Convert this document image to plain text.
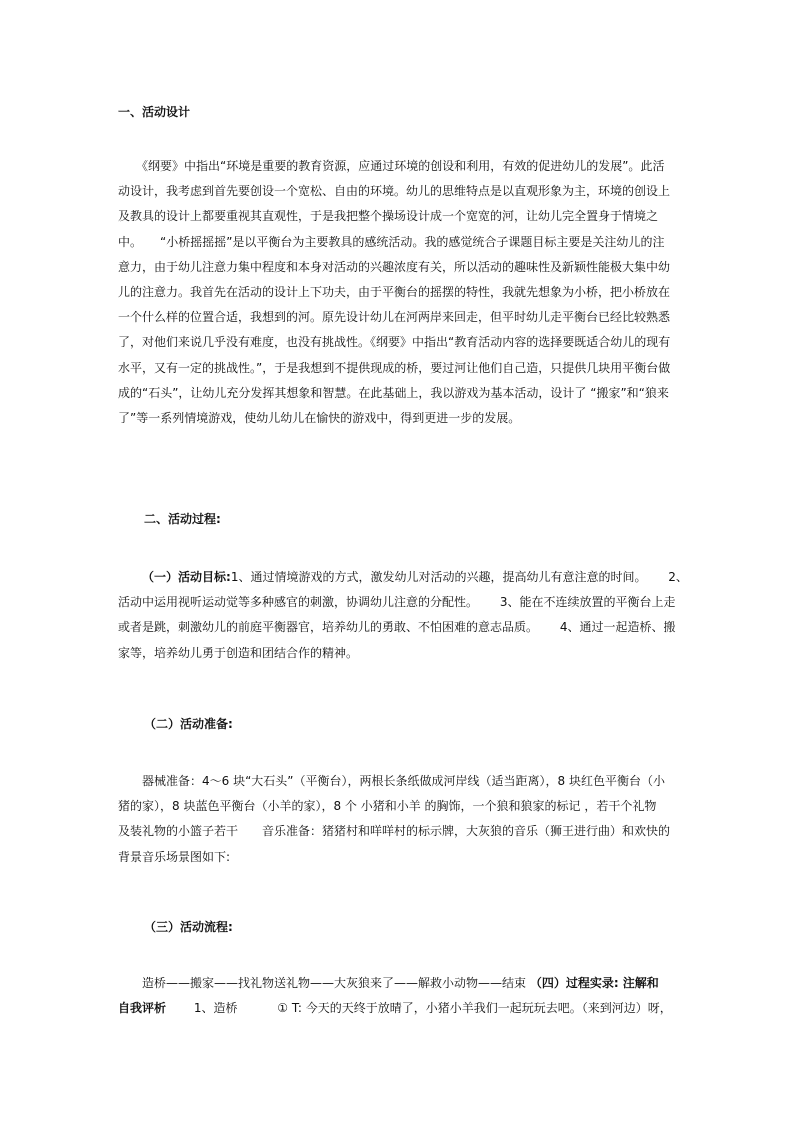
一、活动设计
　　《纲要》中指出“环境是重要的教育资源，应通过环境的创设和利用，有效的促进幼儿的发展”。此活
动设计，我考虑到首先要创设一个宽松、自由的环境。幼儿的思维特点是以直观形象为主，环境的创设上
及教具的设计上都要重视其直观性，于是我把整个操场设计成一个宽宽的河，让幼儿完全置身于情境之
中。　　“小桥摇摇摇”是以平衡台为主要教具的感统活动。我的感觉统合子课题目标主要是关注幼儿的注
意力，由于幼儿注意力集中程度和本身对活动的兴趣浓度有关，所以活动的趣味性及新颖性能极大集中幼
儿的注意力。我首先在活动的设计上下功夫，由于平衡台的摇摆的特性，我就先想象为小桥，把小桥放在
一个什么样的位置合适，我想到的河。原先设计幼儿在河两岸来回走，但平时幼儿走平衡台已经比较熟悉
了，对他们来说几乎没有难度，也没有挑战性。《纲要》中指出“教育活动内容的选择要既适合幼儿的现有
水平，又有一定的挑战性。”，于是我想到不提供现成的桥，要过河让他们自己造，只提供几块用平衡台做
成的“石头”，让幼儿充分发挥其想象和智慧。在此基础上，我以游戏为基本活动，设计了 “搬家”和“狼来
了”等一系列情境游戏，使幼儿幼儿在愉快的游戏中，得到更进一步的发展。
二、活动过程:
（一）活动目标:1、通过情境游戏的方式，激发幼儿对活动的兴趣，提高幼儿有意注意的时间。　　 2、
活动中运用视听运动觉等多种感官的刺激，协调幼儿注意的分配性。　　 3、能在不连续放置的平衡台上走
或者是跳，刺激幼儿的前庭平衡器官，培养幼儿的勇敢、不怕困难的意志品质。　　 4、通过一起造桥、搬
家等，培养幼儿勇于创造和团结合作的精神。
（二）活动准备:
　　器械准备：4～6 块“大石头”（平衡台），两根长条纸做成河岸线（适当距离），8 块红色平衡台（小
猪的家），8 块蓝色平衡台（小羊的家），8 个 小猪和小羊 的胸饰，一个狼和狼家的标记 ，若干个礼物
及装礼物的小篮子若干　　音乐准备：猪猪村和咩咩村的标示牌，大灰狼的音乐（狮王进行曲）和欢快的
背景音乐场景图如下:
（三）活动流程:
　　造桥——搬家——找礼物送礼物——大灰狼来了——解救小动物——结束 （四）过程实录: 注解和
自我评析　　 1、造桥　　　 ① T: 今天的天终于放晴了，小猪小羊我们一起玩玩去吧。（来到河边）呀，
